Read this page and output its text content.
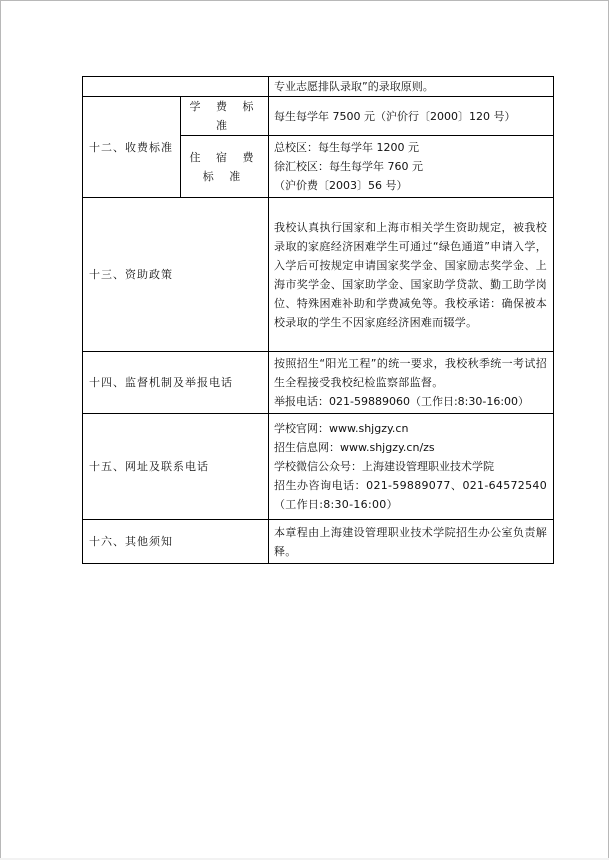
		专业志愿排队录取”的录取原则。

十二、收费标准	学 费 标 准	每生每学年 7500 元（沪价行〔2000〕120 号）

	住 宿 费 标 准	总校区：每生每学年 1200 元
徐汇校区：每生每学年 760 元
（沪价费〔2003〕56 号）

十三、资助政策		我校认真执行国家和上海市相关学生资助规定，被我校录取的家庭经济困难学生可通过“绿色通道”申请入学，入学后可按规定申请国家奖学金、国家励志奖学金、上海市奖学金、国家助学金、国家助学贷款、勤工助学岗位、特殊困难补助和学费减免等。我校承诺：确保被本校录取的学生不因家庭经济困难而辍学。

十四、监督机制及举报电话		按照招生“阳光工程”的统一要求，我校秋季统一考试招生全程接受我校纪检监察部监督。
举报电话：021-59889060（工作日:8:30-16:00）

十五、网址及联系电话		学校官网：www.shjgzy.cn
招生信息网：www.shjgzy.cn/zs
学校微信公众号：上海建设管理职业技术学院
招生办咨询电话：021-59889077、021-64572540（工作日:8:30-16:00）

十六、其他须知		本章程由上海建设管理职业技术学院招生办公室负责解释。
